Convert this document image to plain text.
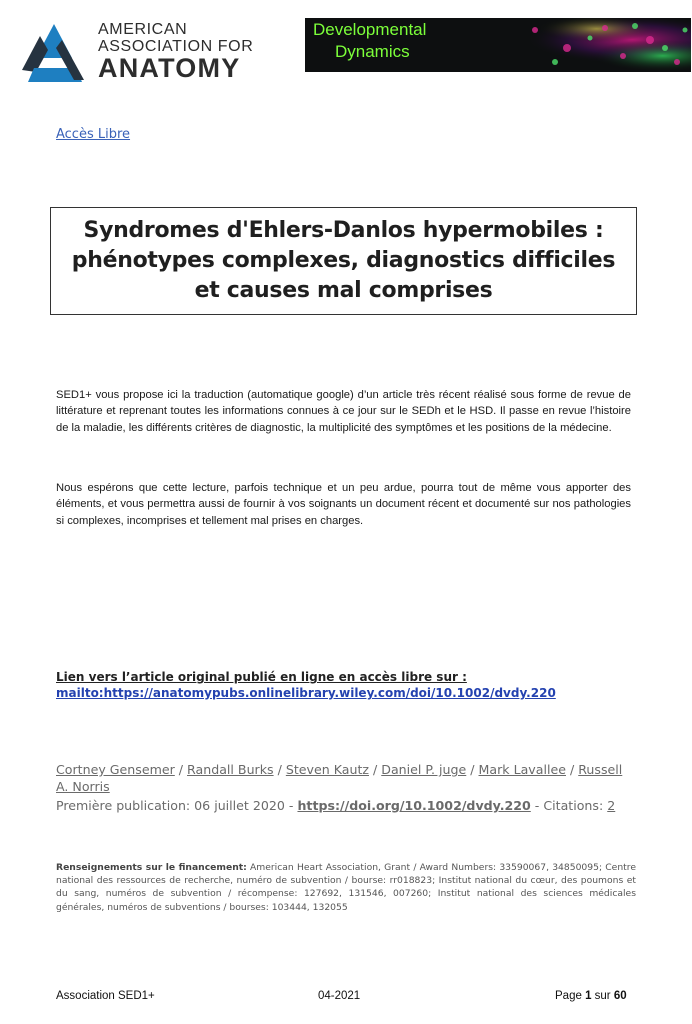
AMERICAN
ASSOCIATION FOR
ANATOMY
Developmental
Dynamics
Accès Libre
Syndromes d'Ehlers-Danlos hypermobiles :
phénotypes complexes, diagnostics difficiles
et causes mal comprises
SED1+ vous propose ici la traduction (automatique google) d’un article très récent réalisé sous forme de revue de littérature et reprenant toutes les informations connues à ce jour sur le SEDh et le HSD. Il passe en revue l’histoire de la maladie, les différents critères de diagnostic, la multiplicité des symptômes et les positions de la médecine.
Nous espérons que cette lecture, parfois technique et un peu ardue, pourra tout de même vous apporter des éléments, et vous permettra aussi de fournir à vos soignants un document récent et documenté sur nos pathologies si complexes, incomprises et tellement mal prises en charges.
Lien vers l’article original publié en ligne en accès libre sur :
mailto:https://anatomypubs.onlinelibrary.wiley.com/doi/10.1002/dvdy.220
Cortney Gensemer / Randall Burks / Steven Kautz / Daniel P. juge / Mark Lavallee / Russell A. Norris
Première publication: 06 juillet 2020 - https://doi.org/10.1002/dvdy.220 - Citations: 2
Renseignements sur le financement: American Heart Association, Grant / Award Numbers: 33590067, 34850095; Centre national des ressources de recherche, numéro de subvention / bourse: rr018823; Institut national du cœur, des poumons et du sang, numéros de subvention / récompense: 127692, 131546, 007260; Institut national des sciences médicales générales, numéros de subventions / bourses: 103444, 132055
Association SED1+	04-2021	Page 1 sur 60
